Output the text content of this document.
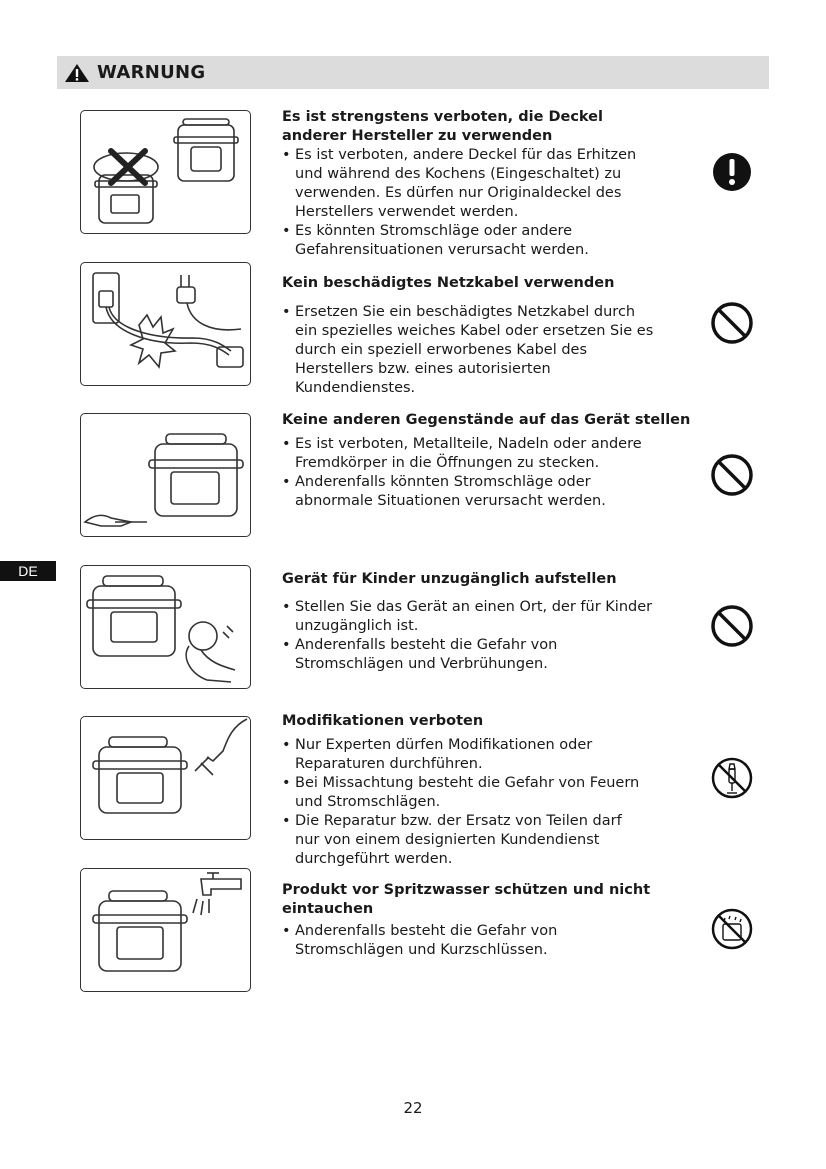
WARNUNG
DE
Es ist strengstens verboten, die Deckel
anderer Hersteller zu verwenden
• Es ist verboten, andere Deckel für das Erhitzen
und während des Kochens (Eingeschaltet) zu
verwenden. Es dürfen nur Originaldeckel des
Herstellers verwendet werden.
• Es könnten Stromschläge oder andere
Gefahrensituationen verursacht werden.
Kein beschädigtes Netzkabel verwenden
• Ersetzen Sie ein beschädigtes Netzkabel durch
ein spezielles weiches Kabel oder ersetzen Sie es
durch ein speziell erworbenes Kabel des
Herstellers bzw. eines autorisierten
Kundendienstes.
Keine anderen Gegenstände auf das Gerät stellen
• Es ist verboten, Metallteile, Nadeln oder andere
Fremdkörper in die Öffnungen zu stecken.
• Anderenfalls könnten Stromschläge oder
abnormale Situationen verursacht werden.
Gerät für Kinder unzugänglich aufstellen
• Stellen Sie das Gerät an einen Ort, der für Kinder
unzugänglich ist.
• Anderenfalls besteht die Gefahr von
Stromschlägen und Verbrühungen.
Modifikationen verboten
• Nur Experten dürfen Modifikationen oder
Reparaturen durchführen.
• Bei Missachtung besteht die Gefahr von Feuern
und Stromschlägen.
• Die Reparatur bzw. der Ersatz von Teilen darf
nur von einem designierten Kundendienst
durchgeführt werden.
Produkt vor Spritzwasser schützen und nicht
eintauchen
• Anderenfalls besteht die Gefahr von
Stromschlägen und Kurzschlüssen.
22
